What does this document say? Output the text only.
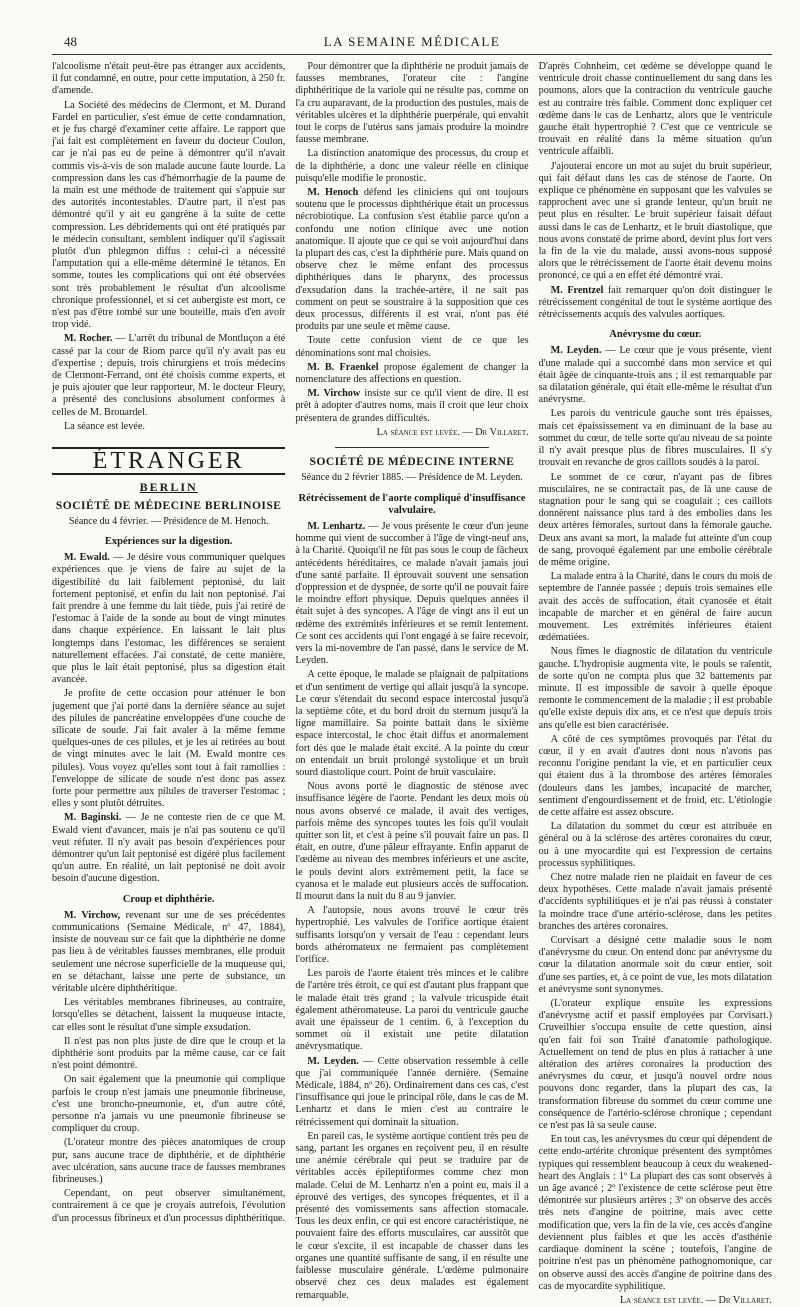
48	LA SEMAINE MÉDICALE

l'alcoolisme n'était peut-être pas étranger aux accidents, il fut condamné, en outre, pour cette imputation, à 250 fr. d'amende.

La Société des médecins de Clermont, et M. Durand Fardel en particulier, s'est émue de cette condamnation, et je fus chargé d'examiner cette affaire. Le rapport que j'ai fait est complètement en faveur du docteur Coulon, car je n'ai pas eu de peine à démontrer qu'il n'avait commis vis-à-vis de son malade aucune faute lourde. La compression dans les cas d'hémorrhagie de la paume de la main est une méthode de traitement qui s'appuie sur des autorités incontestables. D'autre part, il n'est pas démontré qu'il y ait eu gangrène à la suite de cette compression. Les débridements qui ont été pratiqués par le médecin consultant, semblent indiquer qu'il s'agissait plutôt d'un phlegmon diffus : celui-ci a nécessité l'amputation qui a elle-même déterminé le tétanos. En somme, toutes les complications qui ont été observées sont très probablement le résultat d'un alcoolisme chronique professionnel, et si cet aubergiste est mort, ce n'est pas d'être tombé sur une bouteille, mais d'en avoir trop vidé.

M. Rocher. — L'arrêt du tribunal de Montluçon a été cassé par la cour de Riom parce qu'il n'y avait pas eu d'expertise ; depuis, trois chirurgiens et trois médecins de Clermont-Ferrand, ont été choisis comme experts, et je puis ajouter que leur rapporteur, M. le docteur Fleury, a présenté des conclusions absolument conformes à celles de M. Brouardel.

La séance est levée.

ÉTRANGER
BERLIN
SOCIÉTÉ DE MÉDECINE BERLINOISE
Séance du 4 février. — Présidence de M. Henoch.
Expériences sur la digestion.

M. Ewald. — Je désire vous communiquer quelques expériences que je viens de faire au sujet de la digestibilité du lait faiblement peptonisé, du lait fortement peptonisé, et enfin du lait non peptonisé. J'ai fait prendre à une femme du lait tiède, puis j'ai retiré de l'estomac à l'aide de la sonde au bout de vingt minutes dans chaque expérience. En laissant le lait plus longtemps dans l'estomac, les différences se seraient naturellement effacées. J'ai constaté, de cette manière, que plus le lait était peptonisé, plus sa digestion était avancée.

Je profite de cette occasion pour atténuer le bon jugement que j'ai porté dans la dernière séance au sujet des pilules de pancréatine enveloppées d'une couche de silicate de soude. J'ai fait avaler à la même femme quelques-unes de ces pilules, et je les ai retirées au bout de vingt minutes avec le lait (M. Ewald montre ces pilules). Vous voyez qu'elles sont tout à fait ramollies : l'enveloppe de silicate de soude n'est donc pas assez forte pour permettre aux pilules de traverser l'estomac ; elles y sont plutôt détruites.

M. Baginski. — Je ne conteste rien de ce que M. Ewald vient d'avancer, mais je n'ai pas soutenu ce qu'il veut réfuter. Il n'y avait pas besoin d'expériences pour démontrer qu'un lait peptonisé est digéré plus facilement qu'un autre. En réalité, un lait peptonisé ne doit avoir besoin d'aucune digestion.

Croup et diphthérie.

M. Virchow, revenant sur une de ses précédentes communications (Semaine Médicale, nº 47, 1884), insiste de nouveau sur ce fait que la diphthérie ne donne pas lieu à de véritables fausses membranes, elle produit seulement une nécrose superficielle de la muqueuse qui, en se détachant, laisse une perte de substance, un véritable ulcère diphthéritique.

Les véritables membranes fibrineuses, au contraire, lorsqu'elles se détachent, laissent la muqueuse intacte, car elles sont le résultat d'une simple exsudation.

Il n'est pas non plus juste de dire que le croup et la diphthérie sont produits par la même cause, car ce fait n'est point démontré.

On sait également que la pneumonie qui complique parfois le croup n'est jamais une pneumonie fibrineuse, c'est une broncho-pneumonie, et, d'un autre côté, personne n'a jamais vu une pneumonie fibrineuse se compliquer du croup.

(L'orateur montre des pièces anatomiques de croup pur, sans aucune trace de diphthérie, et de diphthérie avec ulcération, sans aucune trace de fausses membranes fibrineuses.)

Cependant, on peut observer simultanément, contrairement à ce que je croyais autrefois, l'évolution d'un processus fibrineux et d'un processus diphthéritique.

Pour démontrer que la diphthérie ne produit jamais de fausses membranes, l'orateur cite : l'angine diphthéritique de la variole qui ne résulte pas, comme on l'a cru auparavant, de la production des pustules, mais de véritables ulcères et la diphthérie puerpérale, qui envahit tout le corps de l'utérus sans jamais produire la moindre fausse membrane.

La distinction anatomique des processus, du croup et de la diphthérie, a donc une valeur réelle en clinique puisqu'elle modifie le pronostic.

M. Henoch défend les cliniciens qui ont toujours soutenu que le processus diphthérique était un processus nécrobiotique. La confusion s'est établie parce qu'on a confondu une notion clinique avec une notion anatomique. Il ajoute que ce qui se voit aujourd'hui dans la plupart des cas, c'est la diphthérie pure. Mais quand on observe chez le même enfant des processus diphthériques dans le pharynx, des processus d'exsudation dans la trachée-artère, il ne sait pas comment on peut se soustraire à la supposition que ces deux processus, différents il est vrai, n'ont pas été produits par une seule et même cause.

Toute cette confusion vient de ce que les dénominations sont mal choisies.

M. B. Fraenkel propose également de changer la nomenclature des affections en question.

M. Virchow insiste sur ce qu'il vient de dire. Il est prêt à adopter d'autres noms, mais il croit que leur choix présentera de grandes difficultés.

La séance est levée. — Dr Villaret.

SOCIÉTÉ DE MÉDECINE INTERNE
Séance du 2 février 1885. — Présidence de M. Leyden.
Rétrécissement de l'aorte compliqué d'insuffisance valvulaire.

M. Lenhartz. — Je vous présente le cœur d'un jeune homme qui vient de succomber à l'âge de vingt-neuf ans, à la Charité. Quoiqu'il ne fût pas sous le coup de fâcheux antécédents héréditaires, ce malade n'avait jamais joui d'une santé parfaite. Il éprouvait souvent une sensation d'oppression et de dyspnée, de sorte qu'il ne pouvait faire le moindre effort physique. Depuis quelques années il était sujet à des syncopes. A l'âge de vingt ans il eut un œdème des extrémités inférieures et se remit lentement. Ce sont ces accidents qui l'ont engagé à se faire recevoir, vers la mi-novembre de l'an passé, dans le service de M. Leyden.

A cette époque, le malade se plaignait de palpitations et d'un sentiment de vertige qui allait jusqu'à la syncope. Le cœur s'étendait du second espace intercostal jusqu'à la septième côte, et du bord droit du sternum jusqu'à la ligne mamillaire. Sa pointe battait dans le sixième espace intercostal, le choc était diffus et anormalement fort dès que le malade était excité. A la pointe du cœur on entendait un bruit prolongé systolique et un bruit sourd diastolique court. Point de bruit vasculaire.

Nous avons porté le diagnostic de sténose avec insuffisance légère de l'aorte. Pendant les deux mois où nous avons observé ce malade, il avait des vertiges, parfois même des syncopes toutes les fois qu'il voulait quitter son lit, et c'est à peine s'il pouvait faire un pas. Il était, en outre, d'une pâleur effrayante. Enfin apparut de l'œdème au niveau des membres inférieurs et une ascite, le pouls devint alors extrêmement petit, la face se cyanosa et le malade eut plusieurs accès de suffocation. Il mourut dans la nuit du 8 au 9 janvier.

A l'autopsie, nous avons trouvé le cœur très hypertrophié. Les valvules de l'orifice aortique étaient suffisants lorsqu'on y versait de l'eau : cependant leurs bords athéromateux ne fermaient pas complètement l'orifice.

Les parois de l'aorte étaient très minces et le calibre de l'artère très étroit, ce qui est d'autant plus frappant que le malade était très grand ; la valvule tricuspide était également athéromateuse. La paroi du ventricule gauche avait une épaisseur de 1 centim. 6, à l'exception du sommet où il existait une petite dilatation anévrysmatique.

M. Leyden. — Cette observation ressemble à celle que j'ai communiquée l'année dernière. (Semaine Médicale, 1884, nº 26). Ordinairement dans ces cas, c'est l'insuffisance qui joue le principal rôle, dans le cas de M. Lenhartz et dans le mien c'est au contraire le rétrécissement qui dominait la situation.

En pareil cas, le système aortique contient très peu de sang, partant les organes en reçoivent peu, il en résulte une anémie cérébrale qui peut se traduire par de véritables accès épileptiformes comme chez mon malade. Celui de M. Lenhartz n'en a point eu, mais il a éprouvé des vertiges, des syncopes fréquentes, et il a présenté des vomissements sans affection stomacale. Tous les deux enfin, ce qui est encore caractéristique, ne pouvaient faire des efforts musculaires, car aussitôt que le cœur s'excite, il est incapable de chasser dans les organes une quantité suffisante de sang, il en résulte une faiblesse musculaire générale. L'œdème pulmonaire observé chez ces deux malades est également remarquable.

D'après Cohnheim, cet œdème se développe quand le ventricule droit chasse continuellement du sang dans les poumons, alors que la contraction du ventricule gauche est au contraire très faible. Comment donc expliquer cet œdème dans le cas de Lenhartz, alors que le ventricule gauche était hypertrophié ? C'est que ce ventricule se trouvait en réalité dans la même situation qu'un ventricule affaibli.

J'ajouterai encore un mot au sujet du bruit supérieur, qui fait défaut dans les cas de sténose de l'aorte. On explique ce phénomène en supposant que les valvules se rapprochent avec une si grande lenteur, qu'un bruit ne peut plus en résulter. Le bruit supérieur faisait défaut aussi dans le cas de Lenhartz, et le bruit diastolique, que nous avons constaté de prime abord, devint plus fort vers la fin de la vie du malade, aussi avons-nous supposé alors que le rétrécissement de l'aorte était devenu moins prononcé, ce qui a en effet été démontré vrai.

M. Frentzel fait remarquer qu'on doit distinguer le rétrécissement congénital de tout le système aortique des rétrécissements acquis des valvules aortiques.

Anévrysme du cœur.

M. Leyden. — Le cœur que je vous présente, vient d'une malade qui a succombé dans mon service et qui était âgée de cinquante-trois ans ; il est remarquable par sa dilatation générale, qui était elle-même le résultat d'un anévrysme.

Les parois du ventricule gauche sont très épaisses, mais cet épaississement va en diminuant de la base au sommet du cœur, de telle sorte qu'au niveau de sa pointe il n'y avait presque plus de fibres musculaires. Il s'y trouvait en revanche de gros caillots soudés à la paroi.

Le sommet de ce cœur, n'ayant pas de fibres musculaires, ne se contractait pas, de là une cause de stagnation pour le sang qui se coagulait ; ces caillots donnèrent naissance plus tard à des embolies dans les deux artères fémorales, surtout dans la fémorale gauche. Deux ans avant sa mort, la malade fut atteinte d'un coup de sang, provoqué également par une embolie cérébrale de même origine.

La malade entra à la Charité, dans le cours du mois de septembre de l'année passée ; depuis trois semaines elle avait des accès de suffocation, était cyanosée et était incapable de marcher et en général de faire aucun mouvement. Les extrémités inférieures étaient œdématiées.

Nous fîmes le diagnostic de dilatation du ventricule gauche. L'hydropisie augmenta vite, le pouls se ralentit, de sorte qu'on ne compta plus que 32 battements par minute. Il est impossible de savoir à quelle époque remonte le commencement de la maladie ; il est probable qu'elle existe depuis dix ans, et ce n'est que depuis trois ans qu'elle est bien caractérisée.

A côté de ces symptômes provoqués par l'état du cœur, il y en avait d'autres dont nous n'avons pas reconnu l'origine pendant la vie, et en particulier ceux qui étaient dus à la thrombose des artères fémorales (douleurs dans les jambes, incapacité de marcher, sentiment d'engourdissement et de froid, etc. L'étiologie de cette affaire est assez obscure.

La dilatation du sommet du cœur est attribuée en général ou à la sclérose des artères coronaires du cœur, ou à une myocardite qui est l'expression de certains processus syphilitiques.

Chez notre malade rien ne plaidait en faveur de ces deux hypothèses. Cette malade n'avait jamais présenté d'accidents syphilitiques et je n'ai pas réussi à constater la moindre trace d'une artério-sclérose, dans les petites branches des artères coronaires.

Corvisart a désigné cette maladie sous le nom d'anévrysme du cœur. On entend donc par anévrysme du cœur la dilatation anormale soit du cœur entier, soit d'une ses parties, et, à ce point de vue, les mots dilatation et anévrysme sont synonymes.

(L'orateur explique ensuite les expressions d'anévrysme actif et passif employées par Corvisart.) Cruveilhier s'occupa ensuite de cette question, ainsi qu'en fait foi son Traité d'anatomie pathologique. Actuellement on tend de plus en plus à rattacher à une altération des artères coronaires la production des anévrysmes du cœur, et jusqu'à nouvel ordre nous pouvons donc regarder, dans la plupart des cas, la transformation fibreuse du sommet du cœur comme une conséquence de l'artério-sclérose chronique ; cependant ce n'est pas là sa seule cause.

En tout cas, les anévrysmes du cœur qui dépendent de cette endo-artérite chronique présentent des symptômes typiques qui ressemblent beaucoup à ceux du weakened-heart des Anglais : 1º La plupart des cas sont observés à un âge avancé ; 2º l'existence de cette sclérose peut être démontrée sur plusieurs artères ; 3º on observe des accès très nets d'angine de poitrine, mais avec cette modification que, vers la fin de la vie, ces accès d'angine deviennent plus faibles et que les accès d'asthénie cardiaque dominent la scène ; toutefois, l'angine de poitrine n'est pas un phénomène pathognomonique, car on observe aussi des accès d'angine de poitrine dans des cas de myocardite syphilitique.

La séance est levée. — Dr Villaret.
